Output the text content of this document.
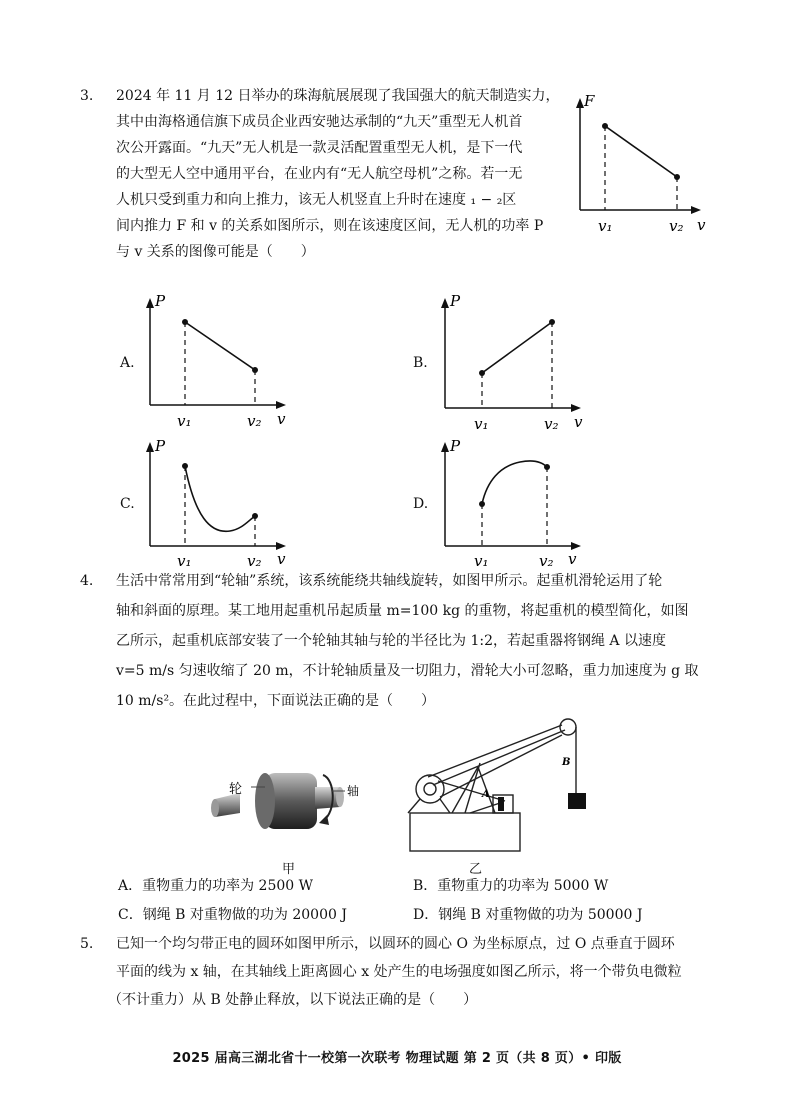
3. 2024 年 11 月 12 日举办的珠海航展展现了我国强大的航天制造实力，
其中由海格通信旗下成员企业西安驰达承制的“九天”重型无人机首
次公开露面。“九天”无人机是一款灵活配置重型无人机，是下一代
的大型无人空中通用平台，在业内有“无人航空母机”之称。若一无
人机只受到重力和向上推力，该无人机竖直上升时在速度 ₁ − ₂区
间内推力 F 和 v 的关系如图所示，则在该速度区间，无人机的功率 P
与 v 关系的图像可能是（　　）
F
v₁	v₂ v
A.
P
v₁	v₂ v
B.
P
v₁	v₂ v
C.
P
v₁	v₂ v
D.
P
v₁	v₂ v
4. 生活中常常用到“轮轴”系统，该系统能绕共轴线旋转，如图甲所示。起重机滑轮运用了轮
轴和斜面的原理。某工地用起重机吊起质量 m=100 kg 的重物，将起重机的模型简化，如图
乙所示，起重机底部安装了一个轮轴其轴与轮的半径比为 1:2，若起重器将钢绳 A 以速度
v=5 m/s 匀速收缩了 20 m，不计轮轴质量及一切阻力，滑轮大小可忽略，重力加速度为 g 取
10 m/s²。在此过程中，下面说法正确的是（　　）
轮	轴
甲
A
B
乙
A．重物重力的功率为 2500 W	B．重物重力的功率为 5000 W
C．钢绳 B 对重物做的功为 20000 J	D．钢绳 B 对重物做的功为 50000 J
5. 已知一个均匀带正电的圆环如图甲所示，以圆环的圆心 O 为坐标原点，过 O 点垂直于圆环
平面的线为 x 轴，在其轴线上距离圆心 x 处产生的电场强度如图乙所示，将一个带负电微粒
（不计重力）从 B 处静止释放，以下说法正确的是（　　）
2025 届高三湖北省十一校第一次联考 物理试题 第 2 页（共 8 页）• 印版
